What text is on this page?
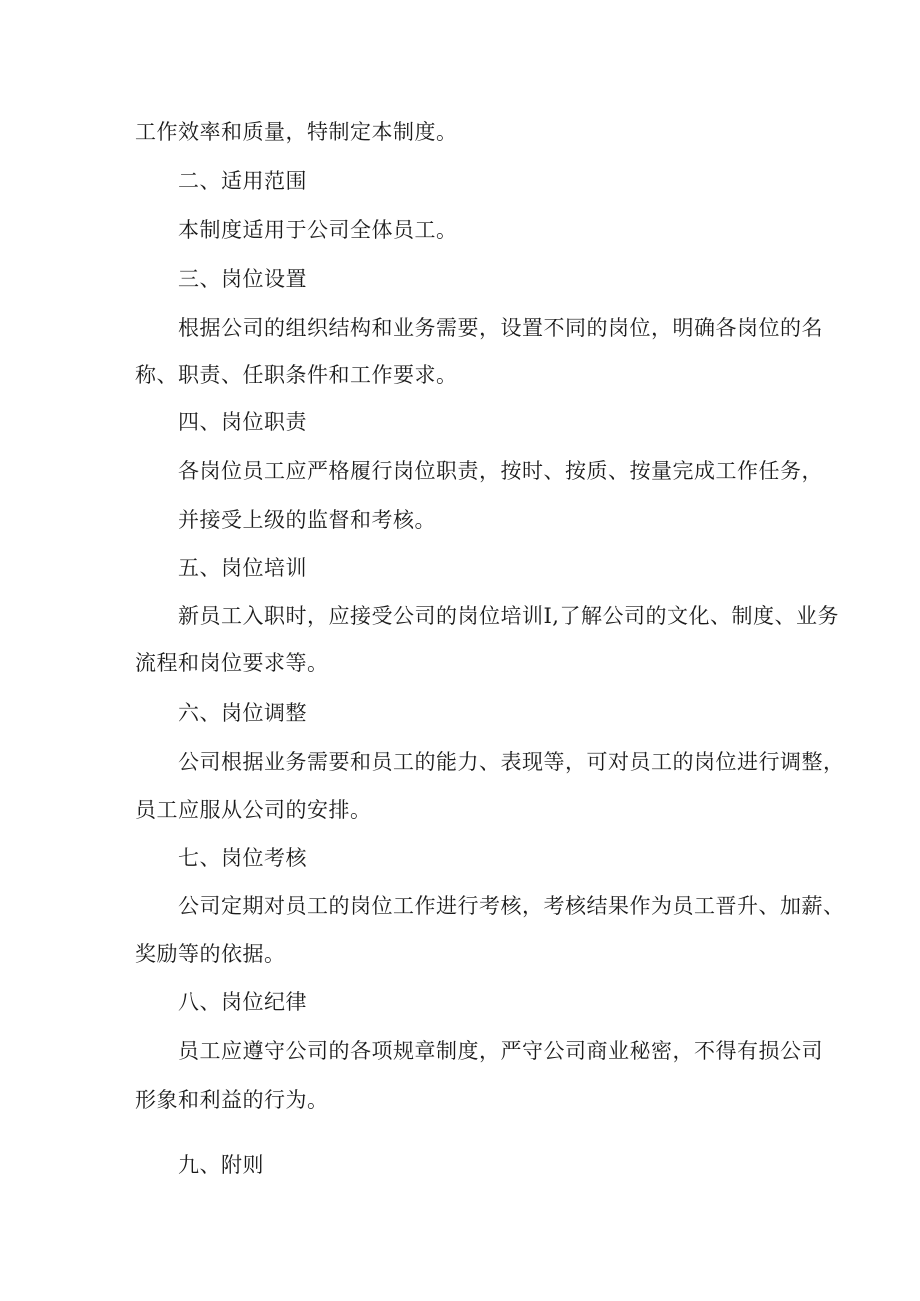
工作效率和质量，特制定本制度。
二、适用范围
本制度适用于公司全体员工。
三、岗位设置
根据公司的组织结构和业务需要，设置不同的岗位，明确各岗位的名
称、职责、任职条件和工作要求。
四、岗位职责
各岗位员工应严格履行岗位职责，按时、按质、按量完成工作任务，
并接受上级的监督和考核。
五、岗位培训
新员工入职时，应接受公司的岗位培训I,了解公司的文化、制度、业务
流程和岗位要求等。
六、岗位调整
公司根据业务需要和员工的能力、表现等，可对员工的岗位进行调整，
员工应服从公司的安排。
七、岗位考核
公司定期对员工的岗位工作进行考核，考核结果作为员工晋升、加薪、
奖励等的依据。
八、岗位纪律
员工应遵守公司的各项规章制度，严守公司商业秘密，不得有损公司
形象和利益的行为。
九、附则
